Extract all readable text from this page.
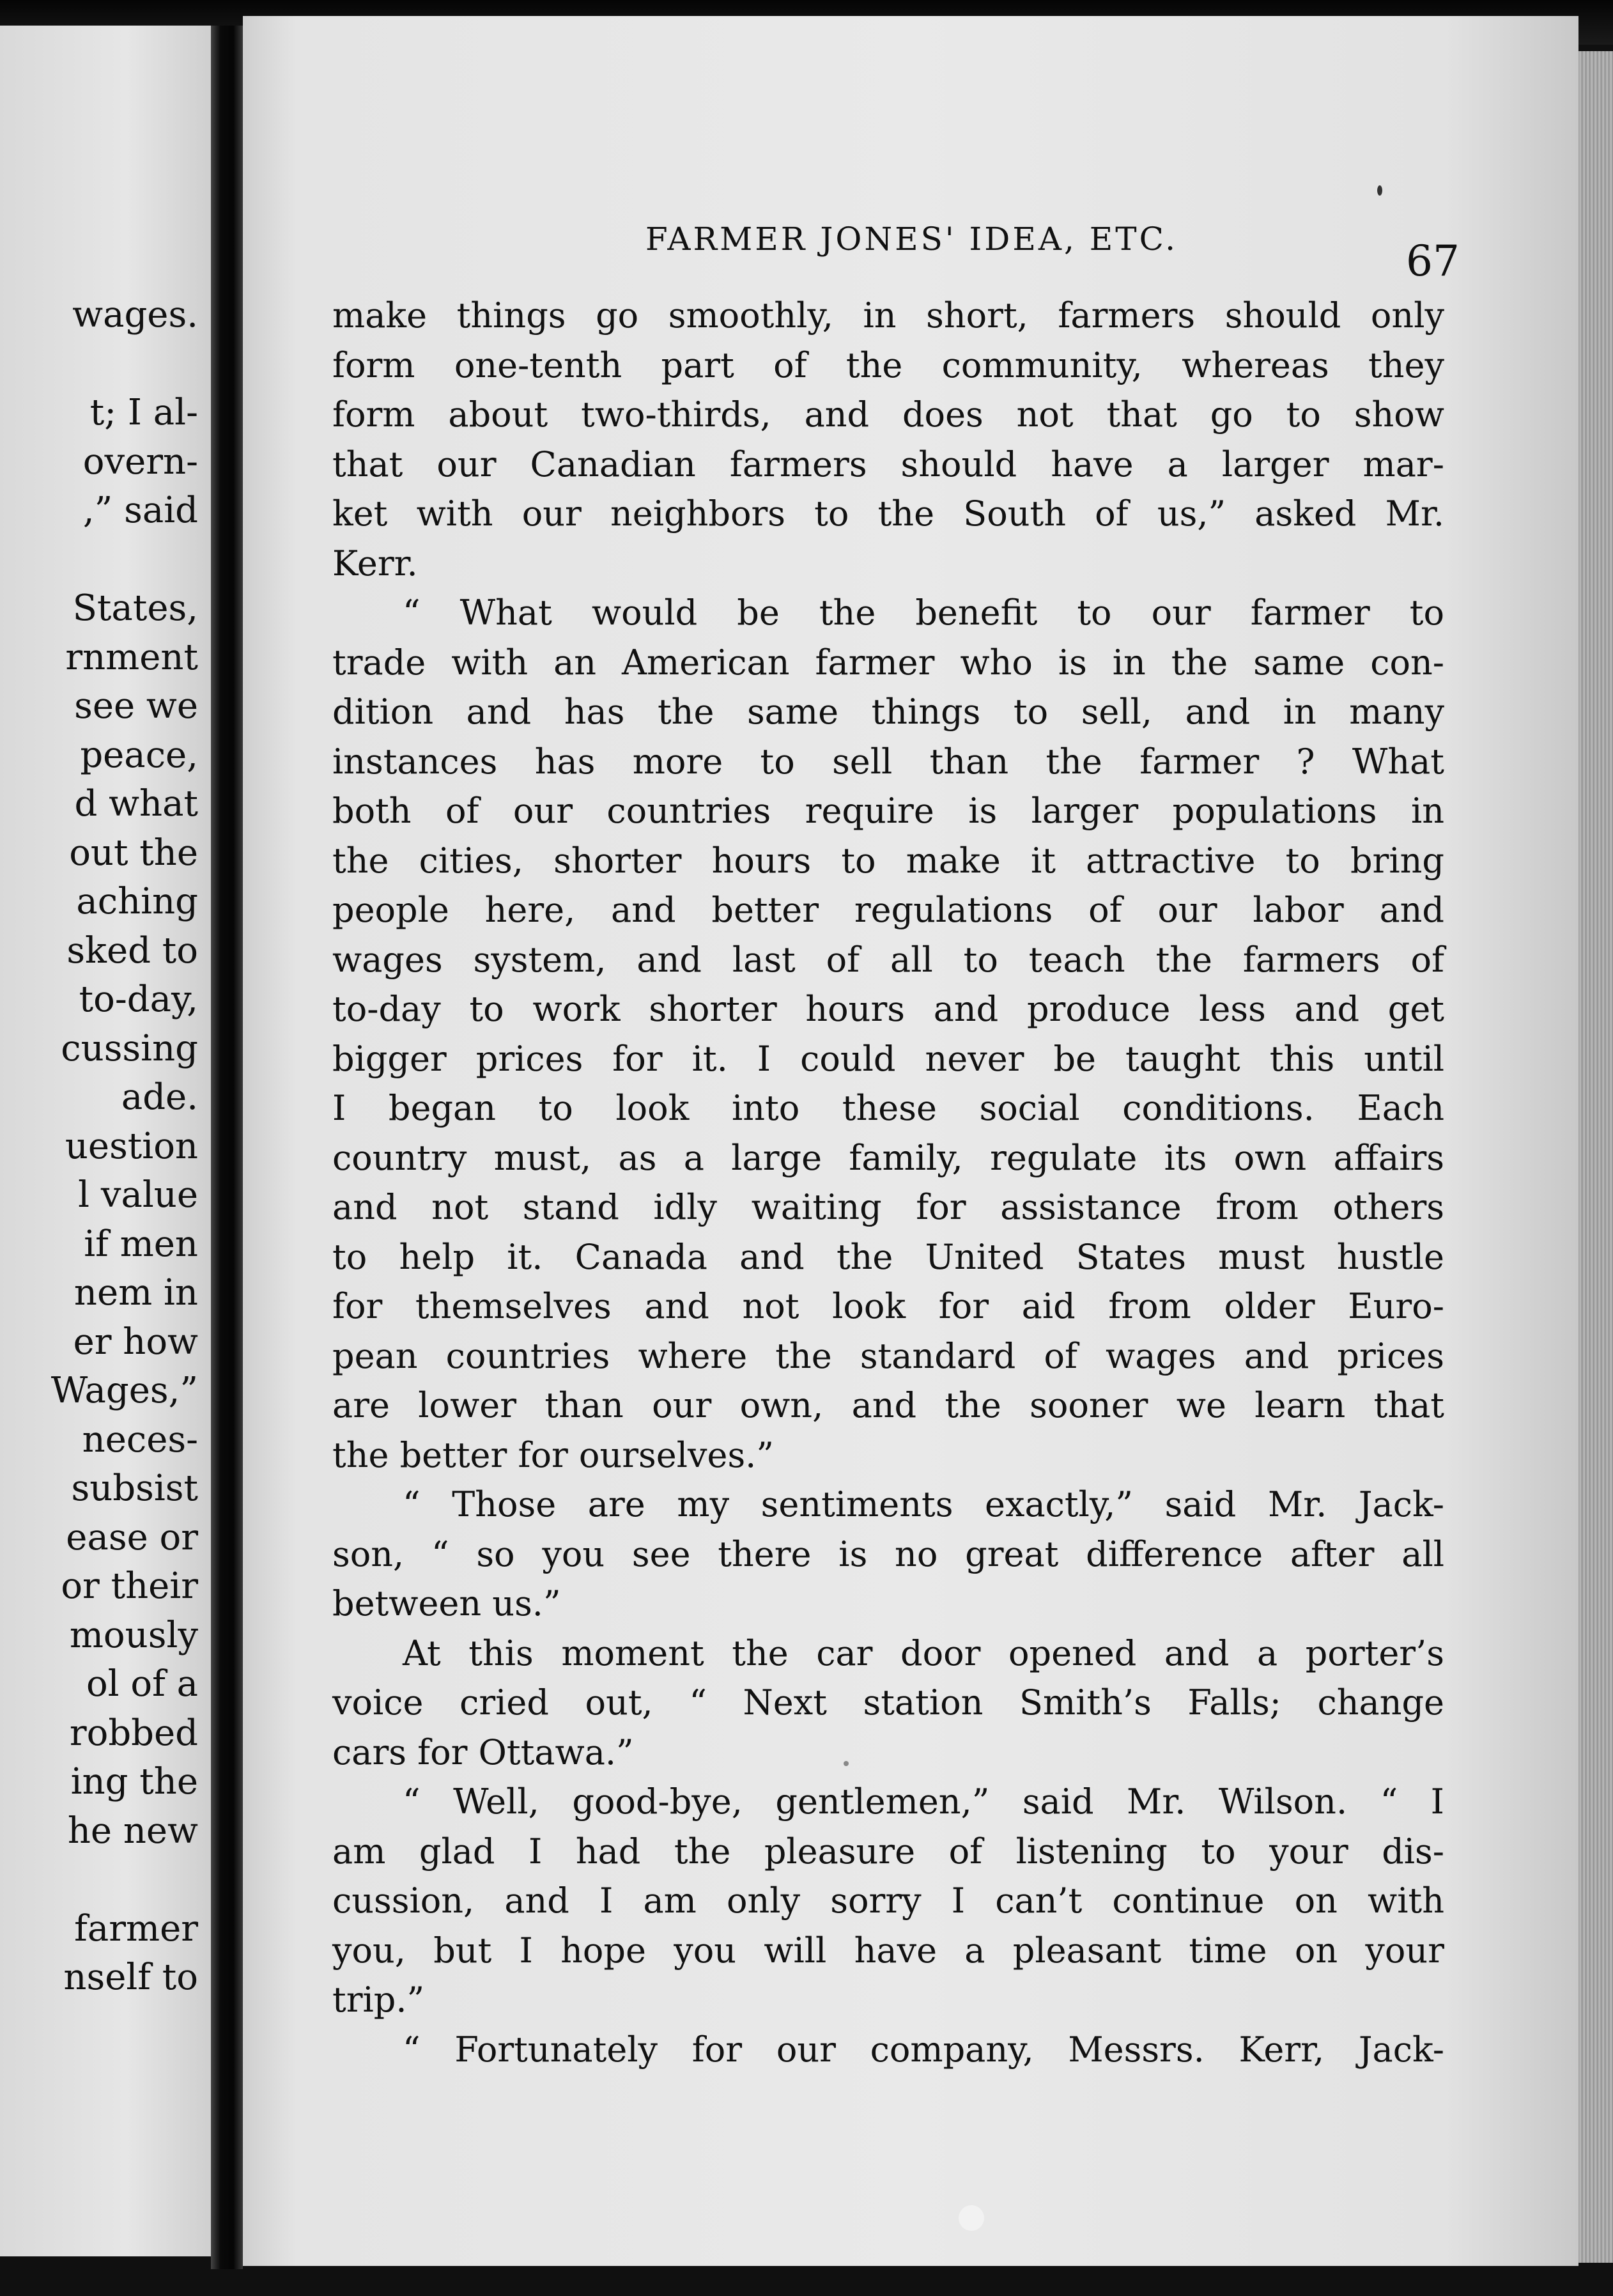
wages.
t; I al-
overn-
,” said
States,
rnment
see we
peace,
d what
out the
aching
sked to
to-day,
cussing
ade.
uestion
l value
if men
nem in
er how
Wages,”
neces-
subsist
ease or
or their
mously
ol of a
robbed
ing the
he new
farmer
nself to
FARMER JONES' IDEA, ETC.	67
make things go smoothly, in short, farmers should only
form one-tenth part of the community, whereas they
form about two-thirds, and does not that go to show
that our Canadian farmers should have a larger mar-
ket with our neighbors to the South of us,” asked Mr.
Kerr.
“ What would be the benefit to our farmer to
trade with an American farmer who is in the same con-
dition and has the same things to sell, and in many
instances has more to sell than the farmer ? What
both of our countries require is larger populations in
the cities, shorter hours to make it attractive to bring
people here, and better regulations of our labor and
wages system, and last of all to teach the farmers of
to-day to work shorter hours and produce less and get
bigger prices for it. I could never be taught this until
I began to look into these social conditions. Each
country must, as a large family, regulate its own affairs
and not stand idly waiting for assistance from others
to help it. Canada and the United States must hustle
for themselves and not look for aid from older Euro-
pean countries where the standard of wages and prices
are lower than our own, and the sooner we learn that
the better for ourselves.”
“ Those are my sentiments exactly,” said Mr. Jack-
son, “ so you see there is no great difference after all
between us.”
At this moment the car door opened and a porter’s
voice cried out, “ Next station Smith’s Falls; change
cars for Ottawa.”
“ Well, good-bye, gentlemen,” said Mr. Wilson. “ I
am glad I had the pleasure of listening to your dis-
cussion, and I am only sorry I can’t continue on with
you, but I hope you will have a pleasant time on your
trip.”
“ Fortunately for our company, Messrs. Kerr, Jack-
